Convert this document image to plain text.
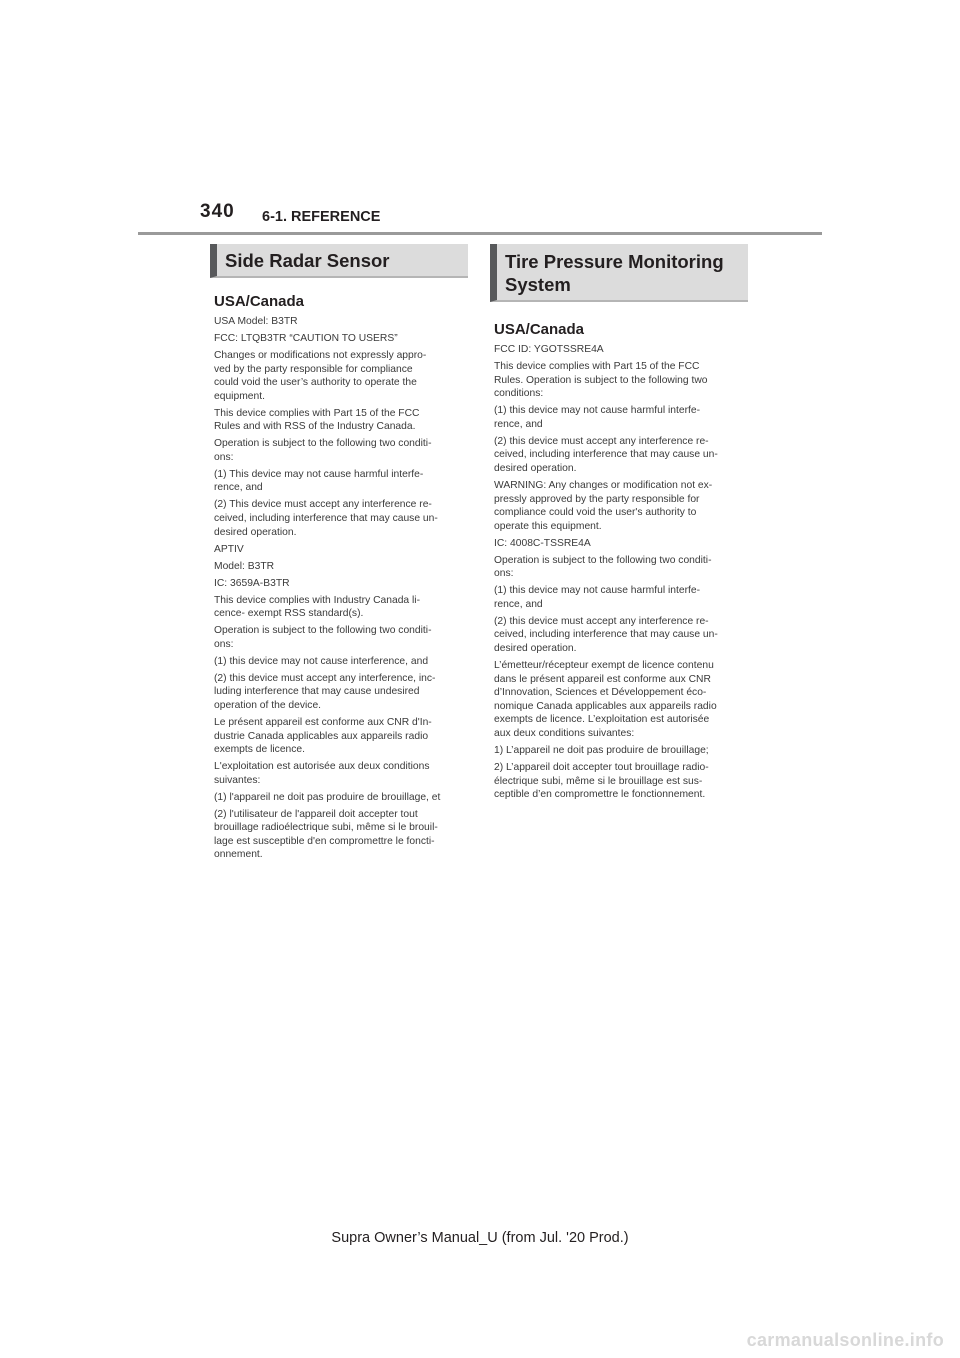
340 6-1. REFERENCE
Side Radar Sensor
USA/Canada

USA Model: B3TR

FCC: LTQB3TR “CAUTION TO USERS”

Changes or modifications not expressly appro-
ved by the party responsible for compliance
could void the user’s authority to operate the
equipment.

This device complies with Part 15 of the FCC
Rules and with RSS of the Industry Canada.

Operation is subject to the following two conditi-
ons:

(1) This device may not cause harmful interfe-
rence, and

(2) This device must accept any interference re-
ceived, including interference that may cause un-
desired operation.

APTIV

Model: B3TR

IC: 3659A-B3TR

This device complies with Industry Canada li-
cence- exempt RSS standard(s).

Operation is subject to the following two conditi-
ons:

(1) this device may not cause interference, and

(2) this device must accept any interference, inc-
luding interference that may cause undesired
operation of the device.

Le présent appareil est conforme aux CNR d'In-
dustrie Canada applicables aux appareils radio
exempts de licence.

L'exploitation est autorisée aux deux conditions
suivantes:

(1) l'appareil ne doit pas produire de brouillage, et

(2) l'utilisateur de l'appareil doit accepter tout
brouillage radioélectrique subi, même si le brouil-
lage est susceptible d'en compromettre le foncti-
onnement.

Tire Pressure Monitoring
System
USA/Canada

FCC ID: YGOTSSRE4A

This device complies with Part 15 of the FCC
Rules. Operation is subject to the following two
conditions:

(1) this device may not cause harmful interfe-
rence, and

(2) this device must accept any interference re-
ceived, including interference that may cause un-
desired operation.

WARNING: Any changes or modification not ex-
pressly approved by the party responsible for
compliance could void the user's authority to
operate this equipment.

IC: 4008C-TSSRE4A

Operation is subject to the following two conditi-
ons:

(1) this device may not cause harmful interfe-
rence, and

(2) this device must accept any interference re-
ceived, including interference that may cause un-
desired operation.

L’émetteur/récepteur exempt de licence contenu
dans le présent appareil est conforme aux CNR
d’Innovation, Sciences et Développement éco-
nomique Canada applicables aux appareils radio
exempts de licence. L’exploitation est autorisée
aux deux conditions suivantes:

1) L’appareil ne doit pas produire de brouillage;

2) L’appareil doit accepter tout brouillage radio-
électrique subi, même si le brouillage est sus-
ceptible d’en compromettre le fonctionnement.

Supra Owner’s Manual_U (from Jul. '20 Prod.)
carmanualsonline.info
